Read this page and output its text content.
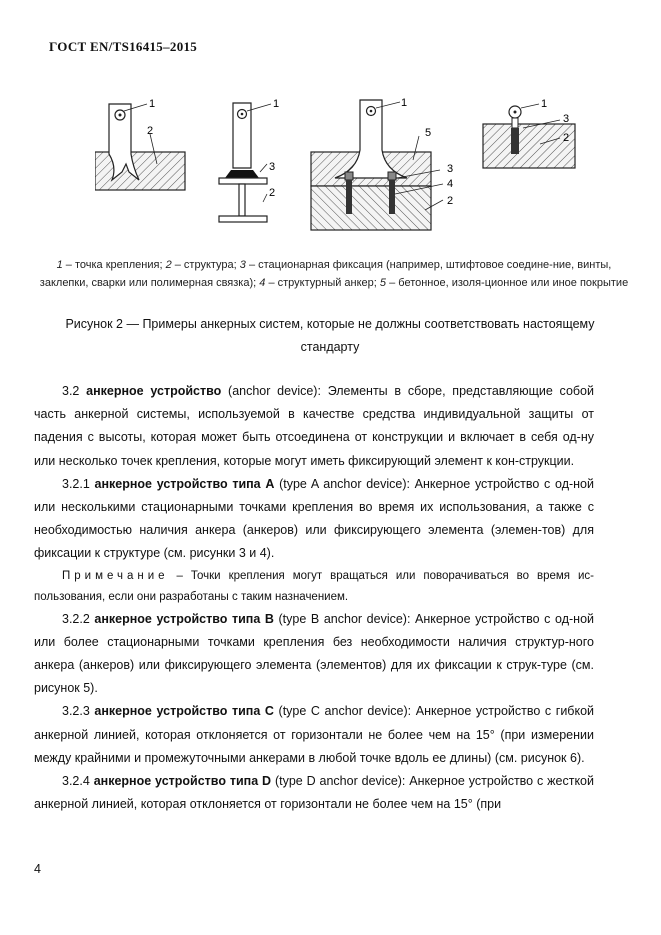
ГОСТ EN/TS16415–2015
1
2
1
3
2
1
5
3
4
2
1
3
2
1 – точка крепления; 2 – структура; 3 – стационарная фиксация (например, штифтовое соедине-ние, винты, заклепки, сварки или полимерная связка); 4 – структурный анкер; 5 – бетонное, изоля-ционное или иное покрытие
Рисунок 2 — Примеры анкерных систем, которые не должны соответствовать настоящему стандарту

3.2 анкерное устройство (anchor device): Элементы в сборе, представляющие собой часть анкерной системы, используемой в качестве средства индивидуальной защиты от падения с высоты, которая может быть отсоединена от конструкции и включает в себя од-ну или несколько точек крепления, которые могут иметь фиксирующий элемент к кон-струкции.

3.2.1 анкерное устройство типа А (type A anchor device): Анкерное устройство с од-ной или несколькими стационарными точками крепления во время их использования, а также с необходимостью наличия анкера (анкеров) или фиксирующего элемента (элемен-тов) для фиксации к структуре (см. рисунки 3 и 4).

Примечание – Точки крепления могут вращаться или поворачиваться во время ис-пользования, если они разработаны с таким назначением.

3.2.2 анкерное устройство типа В (type B anchor device): Анкерное устройство с од-ной или более стационарными точками крепления без необходимости наличия структур-ного анкера (анкеров) или фиксирующего элемента (элементов) для их фиксации к струк-туре (см. рисунок 5).

3.2.3 анкерное устройство типа С (type C anchor device): Анкерное устройство с гибкой анкерной линией, которая отклоняется от горизонтали не более чем на 15° (при измерении между крайними и промежуточными анкерами в любой точке вдоль ее длины) (см. рисунок 6).

3.2.4 анкерное устройство типа D (type D anchor device): Анкерное устройство с жесткой анкерной линией, которая отклоняется от горизонтали не более чем на 15° (при

4
